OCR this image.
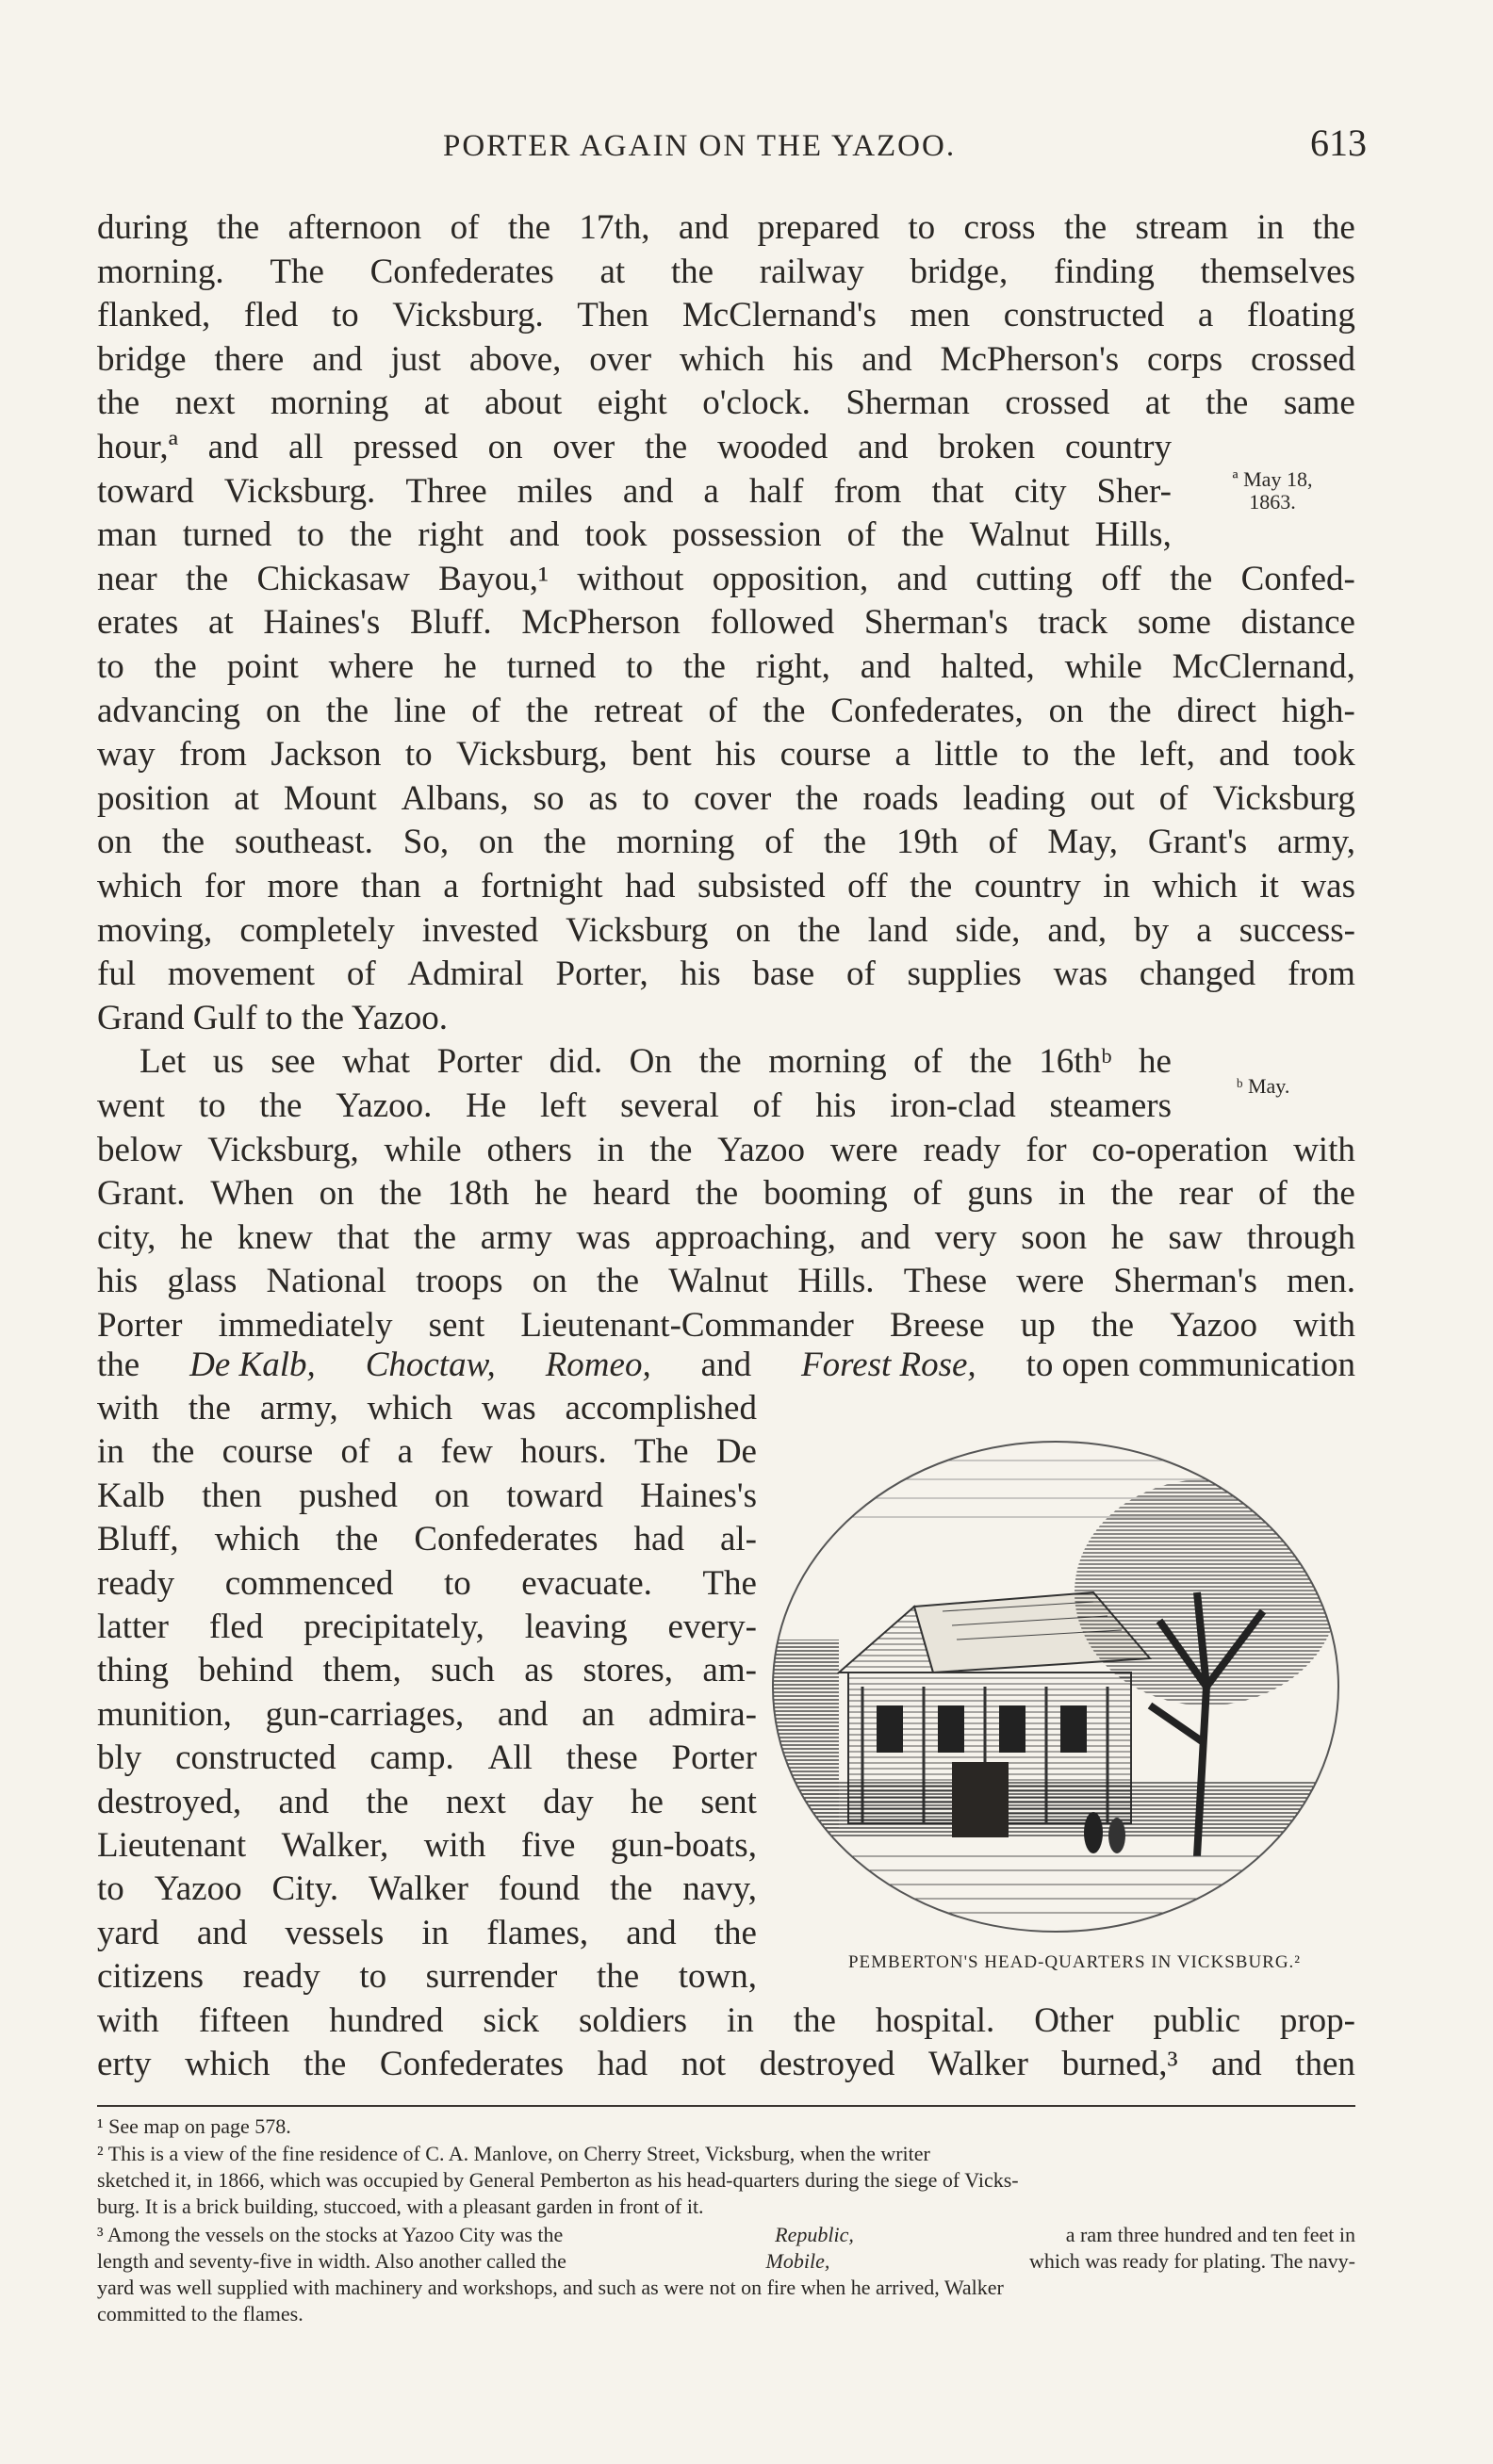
PORTER AGAIN ON THE YAZOO.	613
during the afternoon of the 17th, and prepared to cross the stream in the
morning. The Confederates at the railway bridge, finding themselves
flanked, fled to Vicksburg. Then McClernand's men constructed a floating
bridge there and just above, over which his and McPherson's corps crossed
the next morning at about eight o'clock. Sherman crossed at the same
hour,ª and all pressed on over the wooded and broken country
toward Vicksburg. Three miles and a half from that city Sher-
man turned to the right and took possession of the Walnut Hills,
near the Chickasaw Bayou,¹ without opposition, and cutting off the Confed-
erates at Haines's Bluff. McPherson followed Sherman's track some distance
to the point where he turned to the right, and halted, while McClernand,
advancing on the line of the retreat of the Confederates, on the direct high-
way from Jackson to Vicksburg, bent his course a little to the left, and took
position at Mount Albans, so as to cover the roads leading out of Vicksburg
on the southeast. So, on the morning of the 19th of May, Grant's army,
which for more than a fortnight had subsisted off the country in which it was
moving, completely invested Vicksburg on the land side, and, by a success-
ful movement of Admiral Porter, his base of supplies was changed from
Grand Gulf to the Yazoo.
Let us see what Porter did. On the morning of the 16thᵇ he
went to the Yazoo. He left several of his iron-clad steamers
below Vicksburg, while others in the Yazoo were ready for co-operation with
Grant. When on the 18th he heard the booming of guns in the rear of the
city, he knew that the army was approaching, and very soon he saw through
his glass National troops on the Walnut Hills. These were Sherman's men.
Porter immediately sent Lieutenant-Commander Breese up the Yazoo with
the De Kalb, Choctaw, Romeo, and Forest Rose, to open communication
with the army, which was accomplished
in the course of a few hours. The De
Kalb then pushed on toward Haines's
Bluff, which the Confederates had al-
ready commenced to evacuate. The
latter fled precipitately, leaving every-
thing behind them, such as stores, am-
munition, gun-carriages, and an admira-
bly constructed camp. All these Porter
destroyed, and the next day he sent
Lieutenant Walker, with five gun-boats,
to Yazoo City. Walker found the navy,
yard and vessels in flames, and the
citizens ready to surrender the town,
with fifteen hundred sick soldiers in the hospital. Other public prop-
erty which the Confederates had not destroyed Walker burned,³ and then
ª May 18,
1863.
ᵇ May.
PEMBERTON'S HEAD-QUARTERS IN VICKSBURG.²
¹ See map on page 578.
² This is a view of the fine residence of C. A. Manlove, on Cherry Street, Vicksburg, when the writer
sketched it, in 1866, which was occupied by General Pemberton as his head-quarters during the siege of Vicks-
burg. It is a brick building, stuccoed, with a pleasant garden in front of it.
³ Among the vessels on the stocks at Yazoo City was the	Republic,	a ram three hundred and ten feet in
length and seventy-five in width. Also another called the	Mobile,	which was ready for plating. The navy-
yard was well supplied with machinery and workshops, and such as were not on fire when he arrived, Walker
committed to the flames.
